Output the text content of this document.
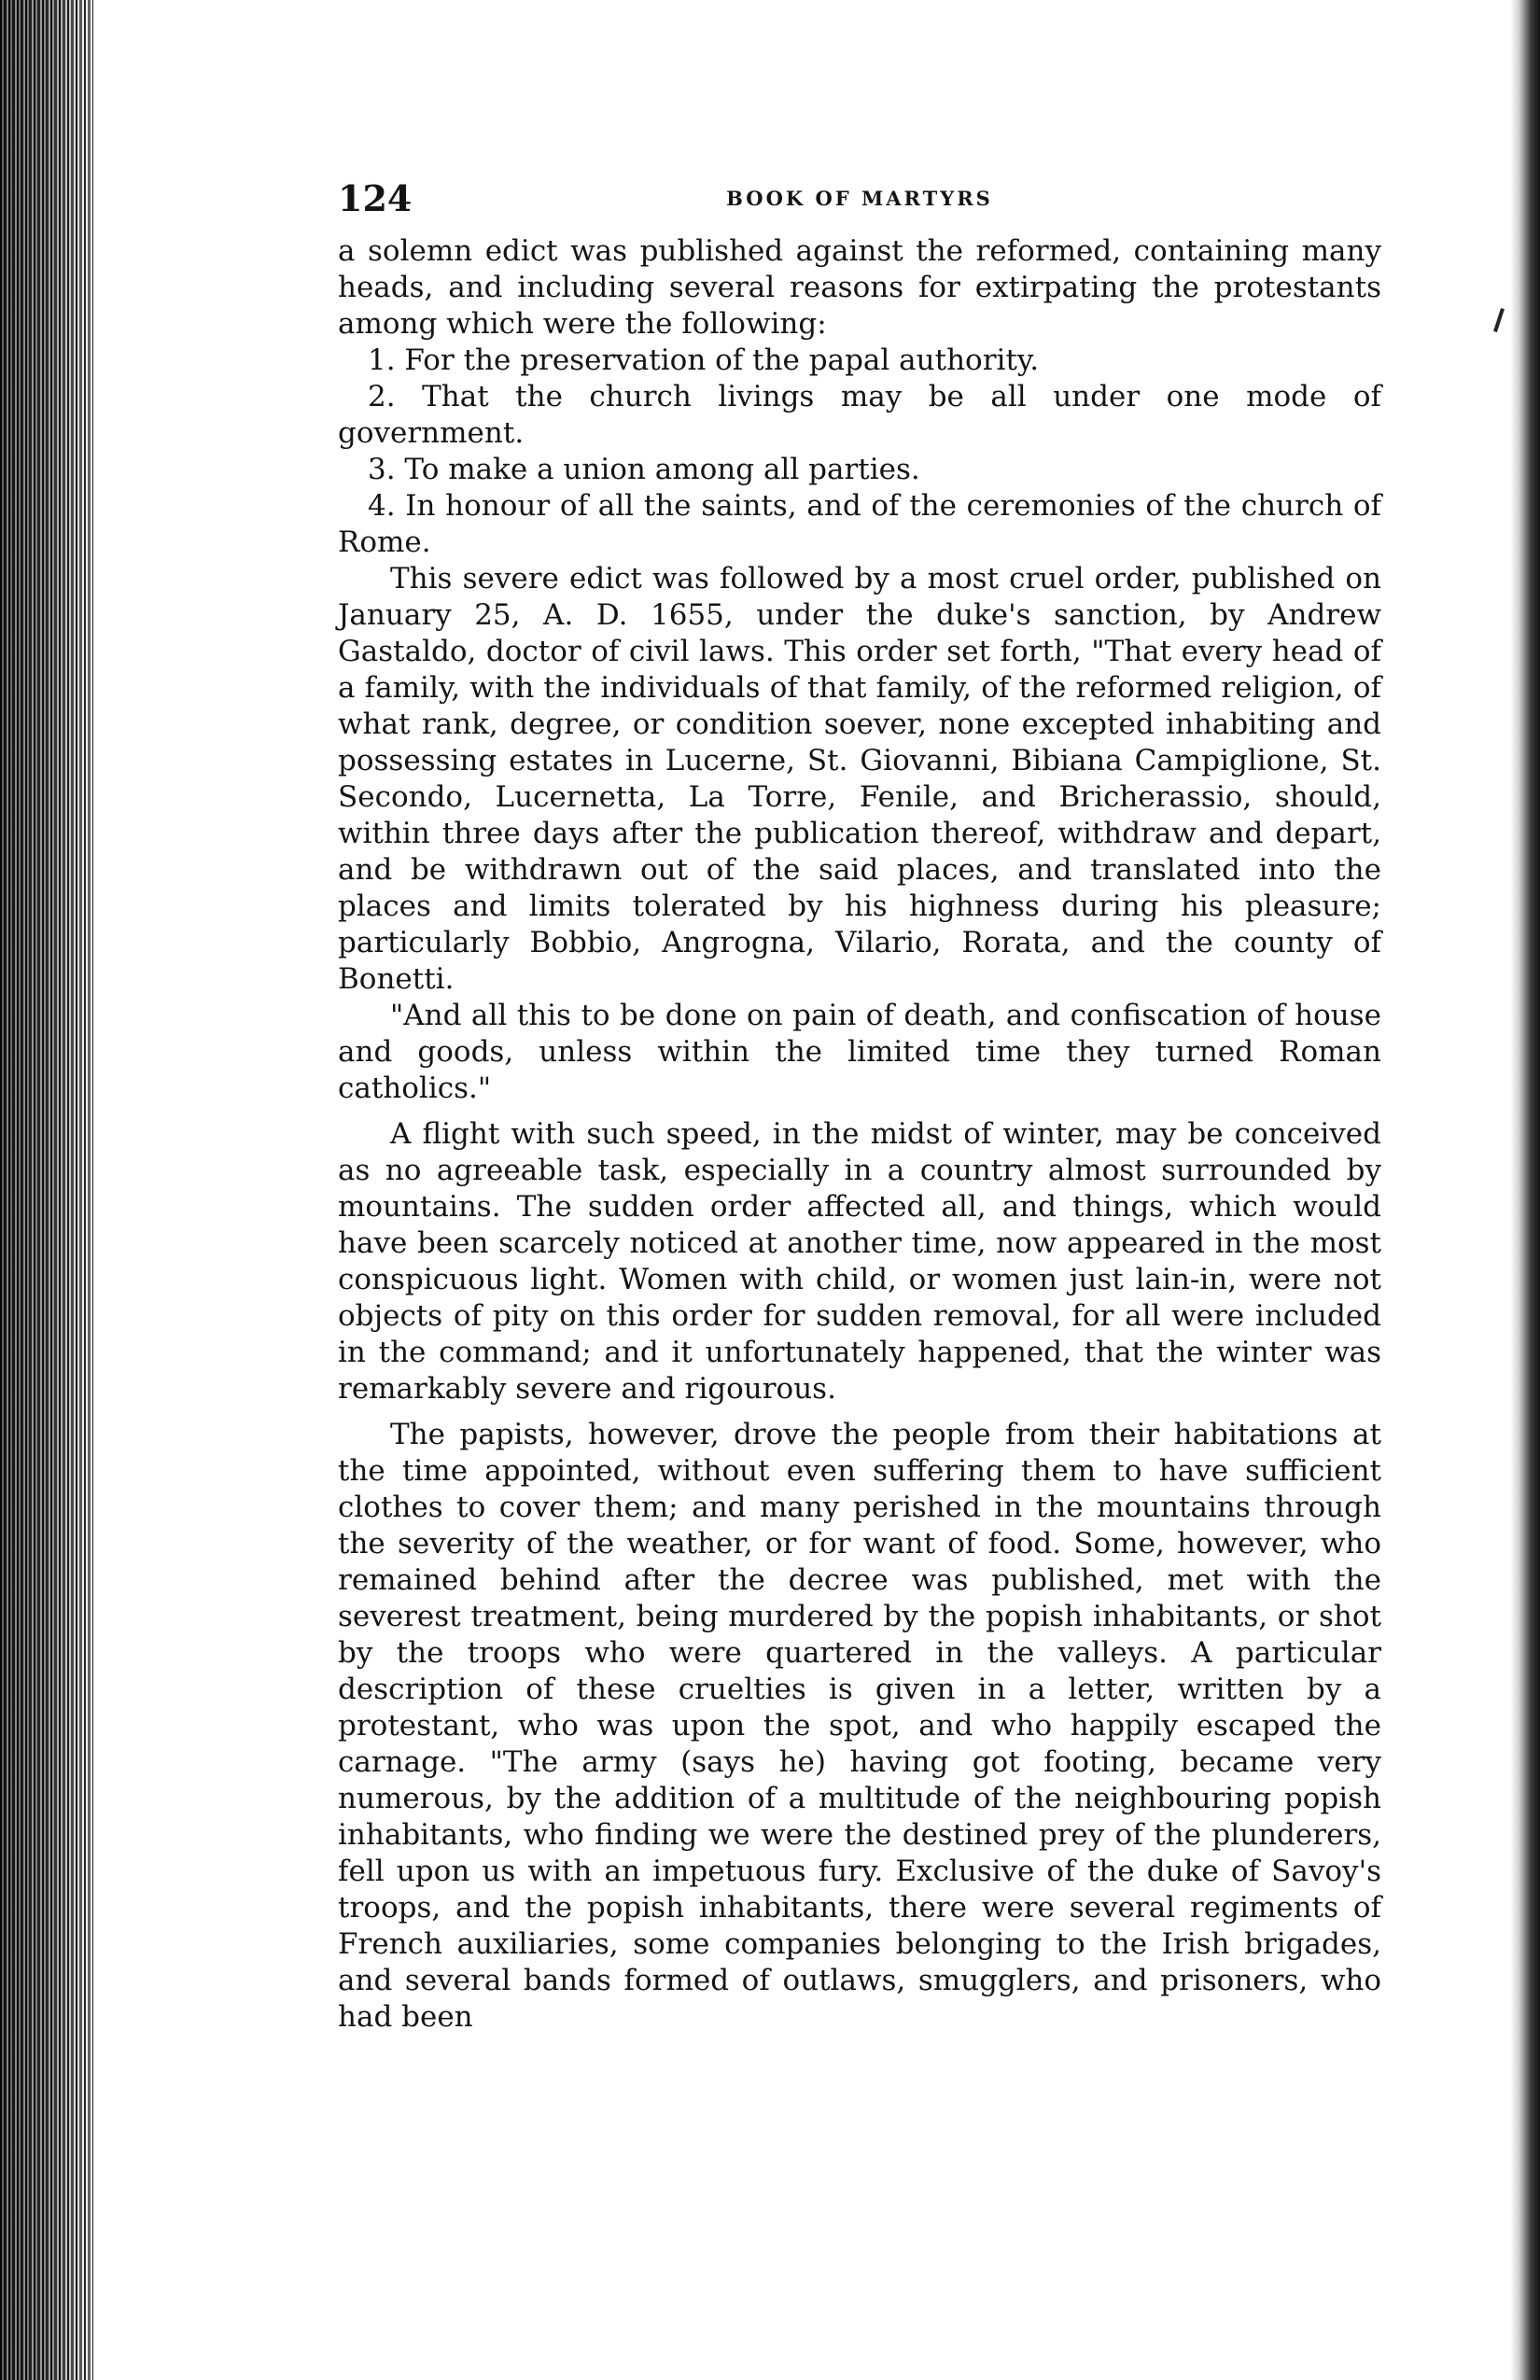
124	BOOK OF MARTYRS

a solemn edict was published against the reformed, containing many heads, and including several reasons for extirpating the protestants among which were the following:

1. For the preservation of the papal authority.

2. That the church livings may be all under one mode of government.

3. To make a union among all parties.

4. In honour of all the saints, and of the ceremonies of the church of Rome.

This severe edict was followed by a most cruel order, published on January 25, A. D. 1655, under the duke's sanction, by Andrew Gastaldo, doctor of civil laws. This order set forth, "That every head of a family, with the individuals of that family, of the reformed religion, of what rank, degree, or condition soever, none excepted inhabiting and possessing estates in Lucerne, St. Giovanni, Bibiana Campiglione, St. Secondo, Lucernetta, La Torre, Fenile, and Bricherassio, should, within three days after the publication thereof, withdraw and depart, and be withdrawn out of the said places, and translated into the places and limits tolerated by his highness during his pleasure; particularly Bobbio, Angrogna, Vilario, Rorata, and the county of Bonetti.

"And all this to be done on pain of death, and confiscation of house and goods, unless within the limited time they turned Roman catholics."

A flight with such speed, in the midst of winter, may be conceived as no agreeable task, especially in a country almost surrounded by mountains. The sudden order affected all, and things, which would have been scarcely noticed at another time, now appeared in the most conspicuous light. Women with child, or women just lain-in, were not objects of pity on this order for sudden removal, for all were included in the command; and it unfortunately happened, that the winter was remarkably severe and rigourous.

The papists, however, drove the people from their habitations at the time appointed, without even suffering them to have sufficient clothes to cover them; and many perished in the mountains through the severity of the weather, or for want of food. Some, however, who remained behind after the decree was published, met with the severest treatment, being murdered by the popish inhabitants, or shot by the troops who were quartered in the valleys. A particular description of these cruelties is given in a letter, written by a protestant, who was upon the spot, and who happily escaped the carnage. "The army (says he) having got footing, became very numerous, by the addition of a multitude of the neighbouring popish inhabitants, who finding we were the destined prey of the plunderers, fell upon us with an impetuous fury. Exclusive of the duke of Savoy's troops, and the popish inhabitants, there were several regiments of French auxiliaries, some companies belonging to the Irish brigades, and several bands formed of outlaws, smugglers, and prisoners, who had been
